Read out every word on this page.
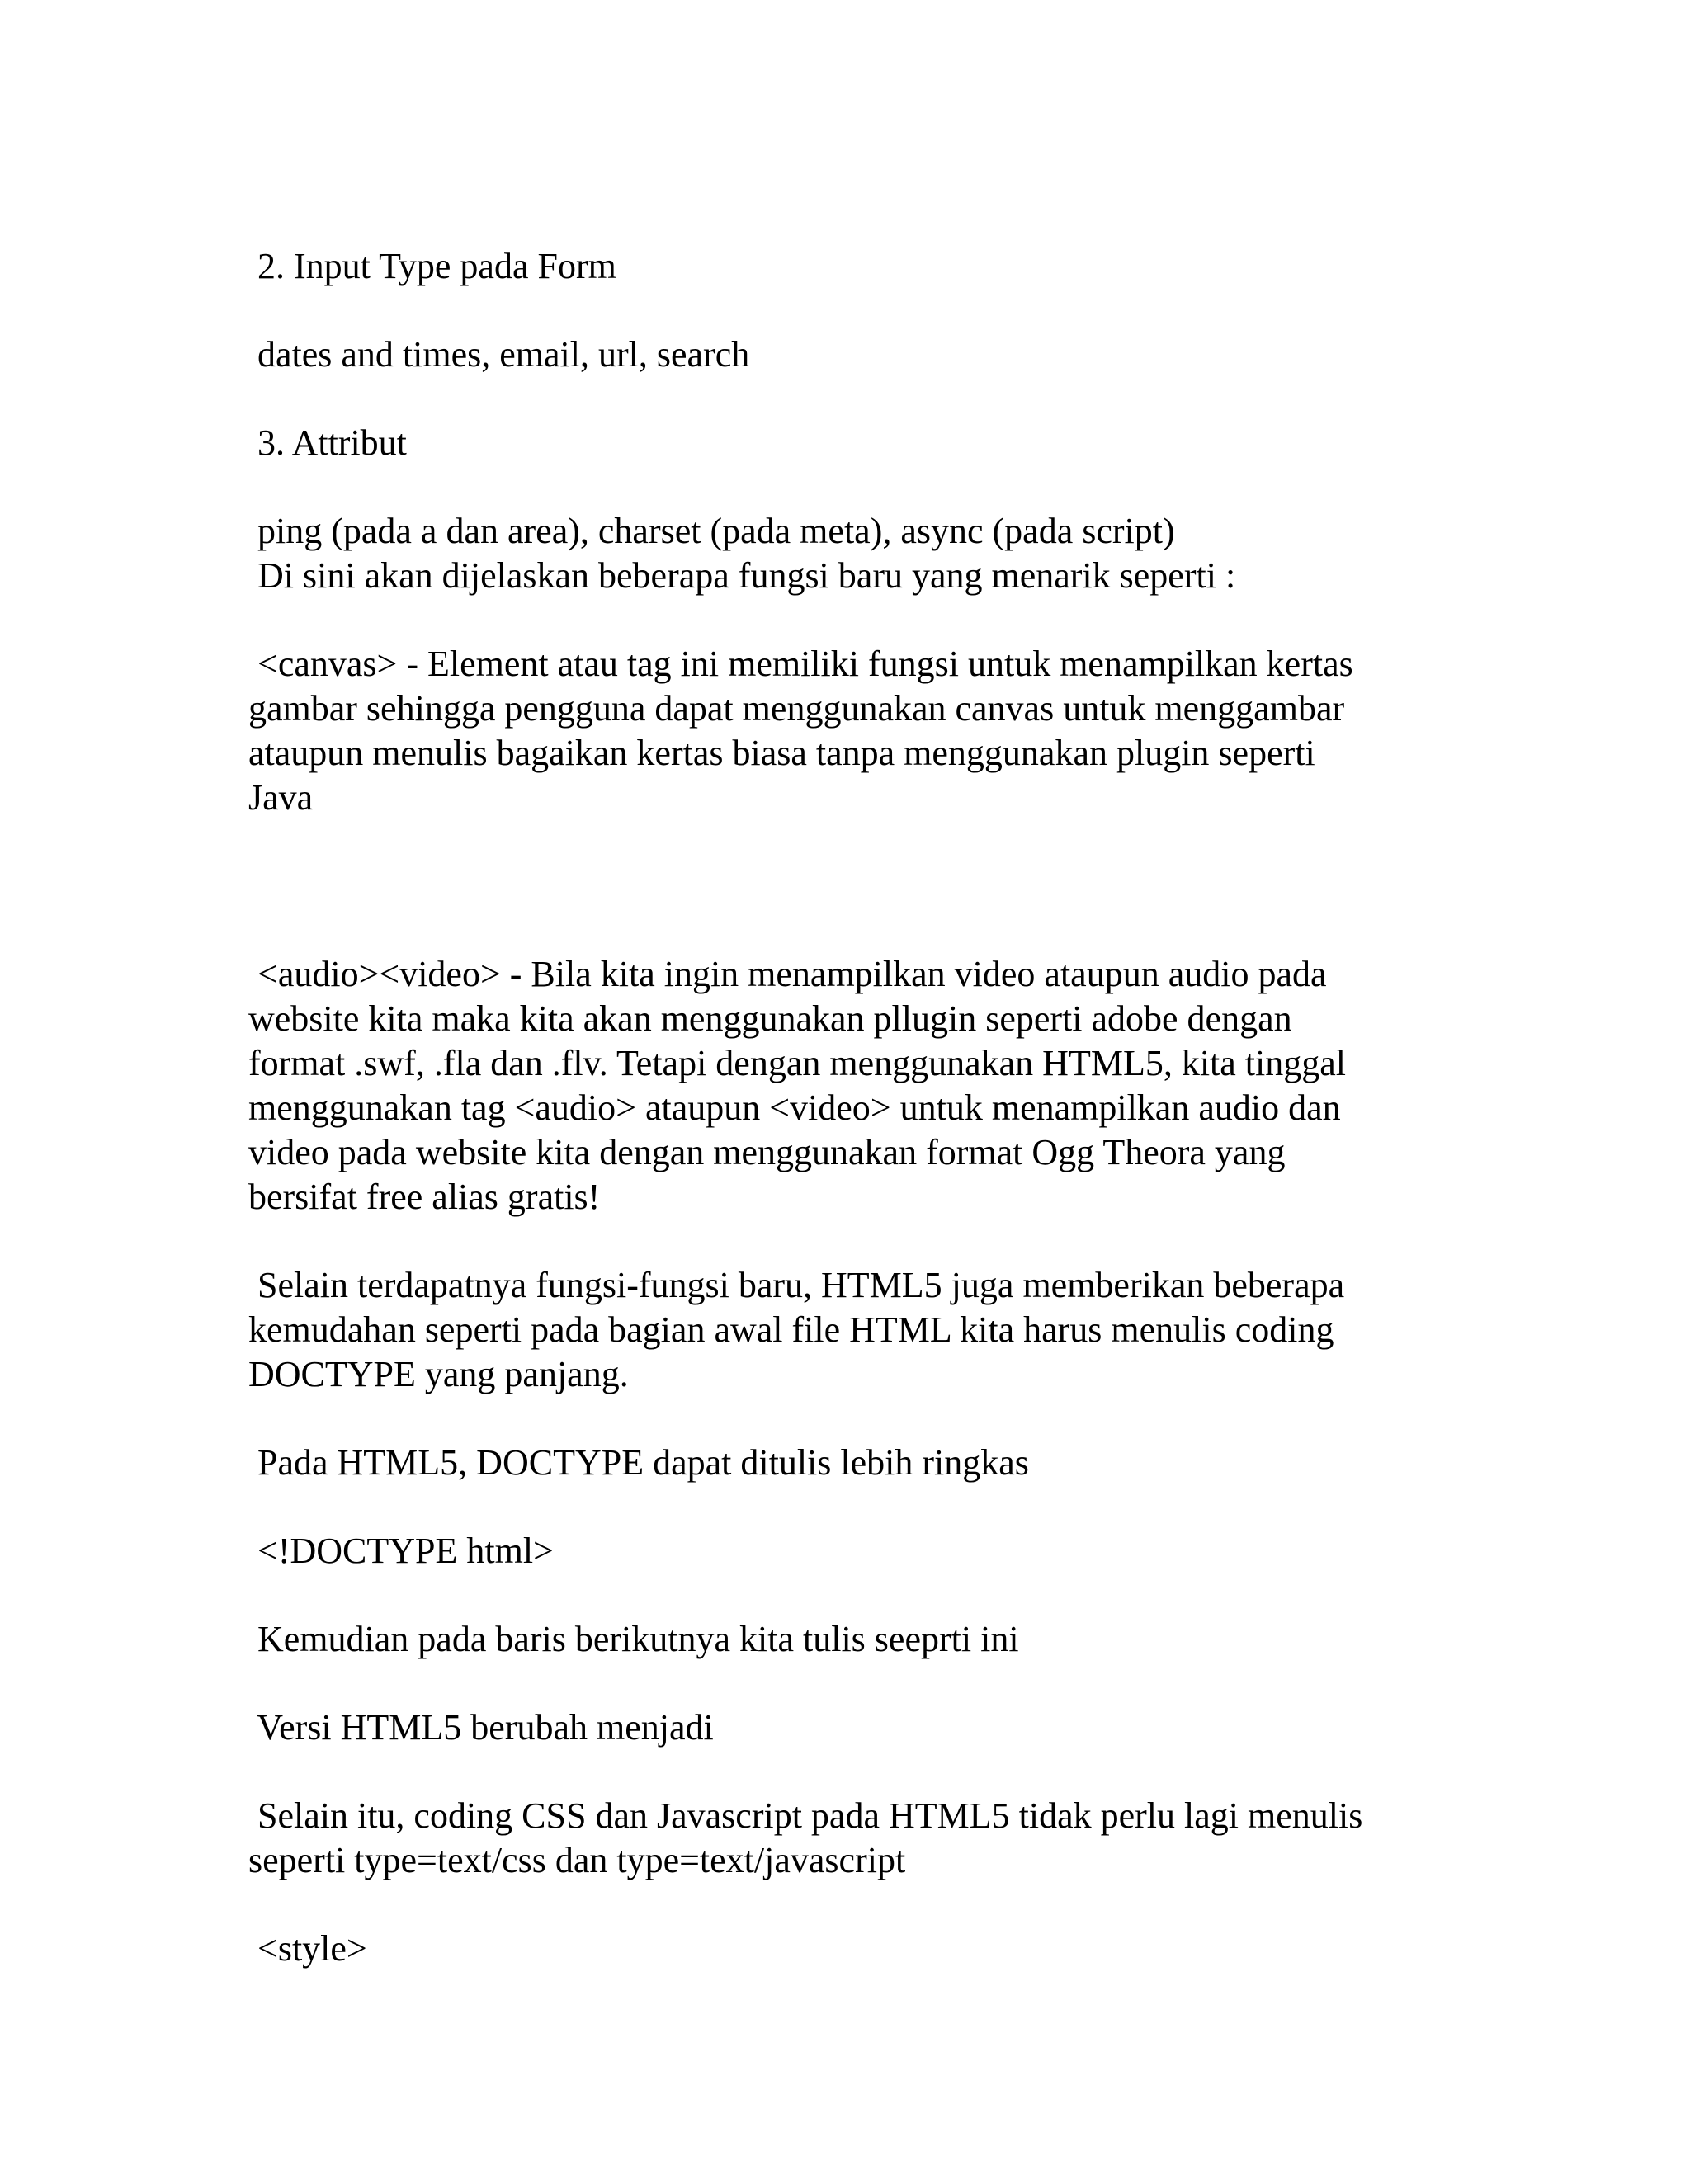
2. Input Type pada Form

dates and times, email, url, search

3. Attribut

ping (pada a dan area), charset (pada meta), async (pada script)

Di sini akan dijelaskan beberapa fungsi baru yang menarik seperti :

<canvas> - Element atau tag ini memiliki fungsi untuk menampilkan kertas

gambar sehingga pengguna dapat menggunakan canvas untuk menggambar

ataupun menulis bagaikan kertas biasa tanpa menggunakan plugin seperti

Java

<audio><video> - Bila kita ingin menampilkan video ataupun audio pada

website kita maka kita akan menggunakan pllugin seperti adobe dengan

format .swf, .fla dan .flv. Tetapi dengan menggunakan HTML5, kita tinggal

menggunakan tag <audio> ataupun <video> untuk menampilkan audio dan

video pada website kita dengan menggunakan format Ogg Theora yang

bersifat free alias gratis!

Selain terdapatnya fungsi-fungsi baru, HTML5 juga memberikan beberapa

kemudahan seperti pada bagian awal file HTML kita harus menulis coding

DOCTYPE yang panjang.

Pada HTML5, DOCTYPE dapat ditulis lebih ringkas

<!DOCTYPE html>

Kemudian pada baris berikutnya kita tulis seeprti ini

Versi HTML5 berubah menjadi

Selain itu, coding CSS dan Javascript pada HTML5 tidak perlu lagi menulis

seperti type=text/css dan type=text/javascript

<style>
